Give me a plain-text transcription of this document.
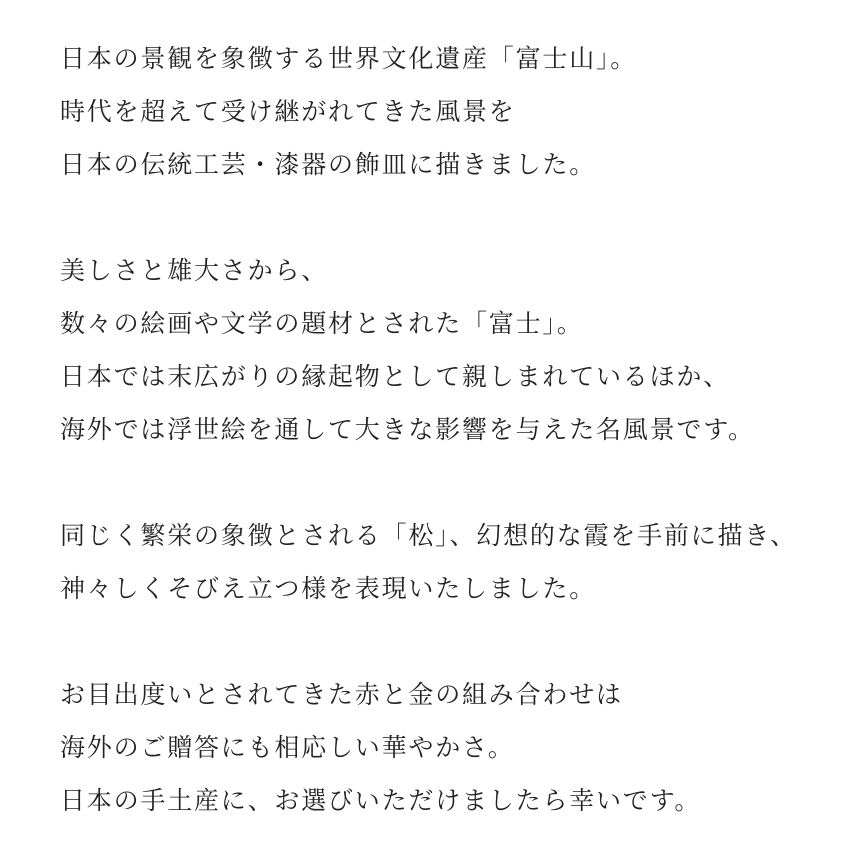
日本の景観を象徴する世界文化遺産「富士山」。
時代を超えて受け継がれてきた風景を
日本の伝統工芸・漆器の飾皿に描きました。
美しさと雄大さから、
数々の絵画や文学の題材とされた「富士」。
日本では末広がりの縁起物として親しまれているほか、
海外では浮世絵を通して大きな影響を与えた名風景です。
同じく繁栄の象徴とされる「松」、幻想的な霞を手前に描き、
神々しくそびえ立つ様を表現いたしました。
お目出度いとされてきた赤と金の組み合わせは
海外のご贈答にも相応しい華やかさ。
日本の手土産に、お選びいただけましたら幸いです。
